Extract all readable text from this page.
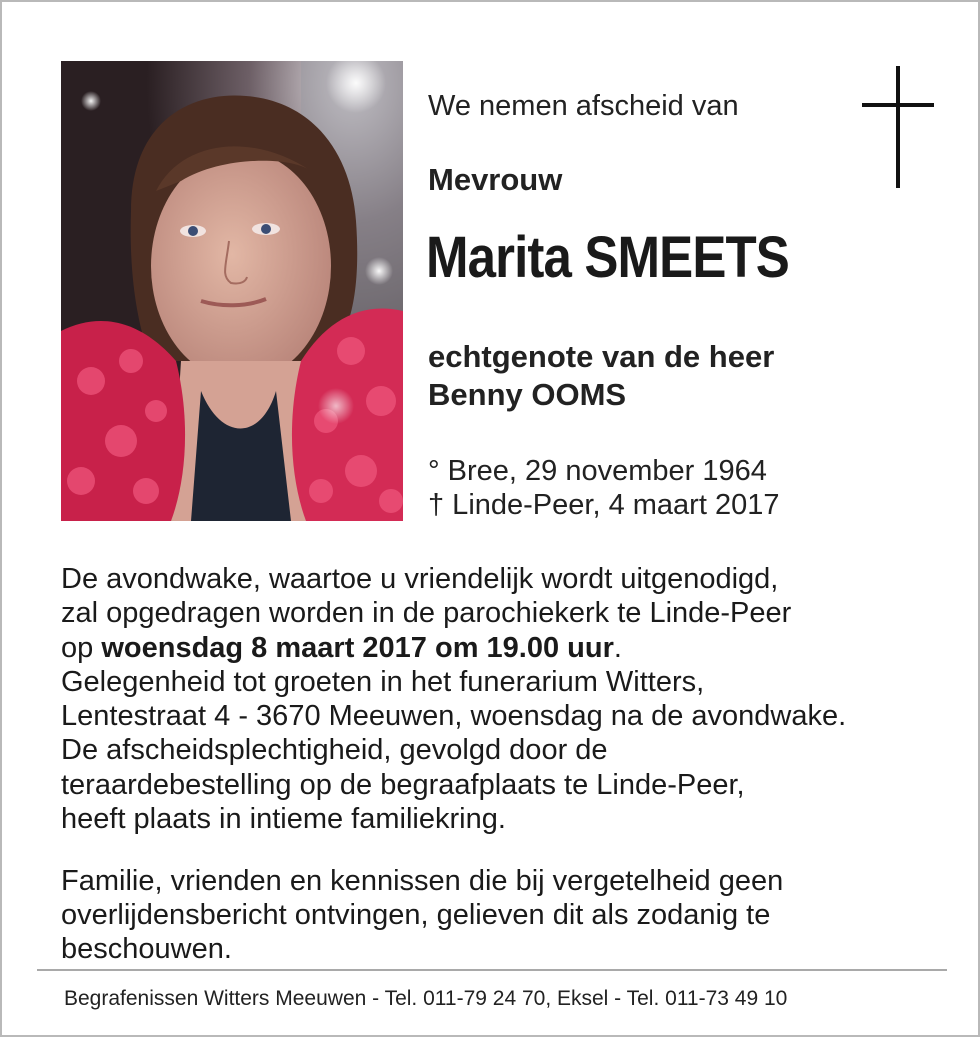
We nemen afscheid van
Mevrouw
Marita SMEETS
echtgenote van de heer
Benny OOMS
° Bree, 29 november 1964
† Linde-Peer, 4 maart 2017
De avondwake, waartoe u vriendelijk wordt uitgenodigd,
zal opgedragen worden in de parochiekerk te Linde-Peer
op woensdag 8 maart 2017 om 19.00 uur.
Gelegenheid tot groeten in het funerarium Witters,
Lentestraat 4 - 3670 Meeuwen, woensdag na de avondwake.
De afscheidsplechtigheid, gevolgd door de
teraardebestelling op de begraafplaats te Linde-Peer,
heeft plaats in intieme familiekring.
Familie, vrienden en kennissen die bij vergetelheid geen
overlijdensbericht ontvingen, gelieven dit als zodanig te
beschouwen.
Begrafenissen Witters Meeuwen - Tel. 011-79 24 70, Eksel - Tel. 011-73 49 10
